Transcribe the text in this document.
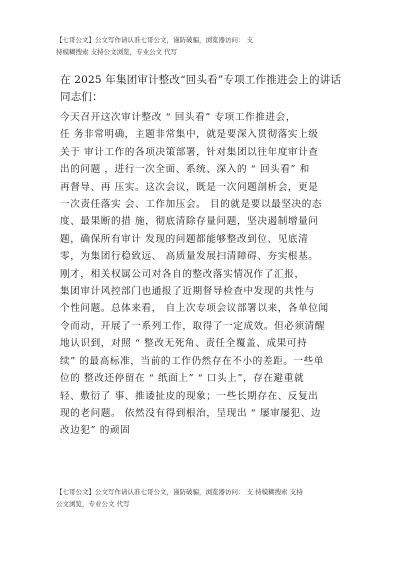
【七哥公文】公文写作请认准七哥公文，谨防破骗，浏览器访问： 支
持模糊搜索 支持公文浏览，专业公文 代写
在 2025 年集团审计整改“回头看”专项工作推进会上的讲话
同志们：
今天召开这次审计整改 “ 回头看” 专项工作推进会，
任 务非常明确，主题非常集中，就是要深入贯彻落实上级
关于 审计工作的各项决策部署，针对集团以往年度审计查
出的问题 ，进行一次全面、系统、深入的 “ 回头看” 和
再督导、再 压实。这次会议，既是一次问题剖析会，更是
一次责任落实 会、工作加压会。 目的就是要以最坚决的态
度、最果断的措 施，彻底清除存量问题，坚决遏制增量问
题，确保所有审计 发现的问题都能够整改到位、见底清
零，为集团行稳致远、 高质量发展扫清障碍、夯实根基。
刚才，相关权属公司对各自的整改落实情况作了汇报，
集团审计风控部门也通报了近期督导检查中发现的共性与
个性问题。总体来看， 自上次专项会议部署以来，各单位闻
令而动，开展了一系列工作，取得了一定成效。但必须清醒
地认识到，对照 “ 整改无死角、责任全覆盖、成果可持
续” 的最高标准，当前的工作仍然存在不小的差距。一些单
位的 整改还停留在 “ 纸面上” “ 口头上”，存在避重就
轻、敷衍了 事、推诿扯皮的现象；一些长期存在、反复出
现的老问题。 依然没有得到根治，呈现出 “ 屡审屡犯、边
改边犯” 的顽固
【七哥公文】公文写作请认准七哥公文，谨防破骗，浏览器访问： 支 持模糊搜索 支持
公文浏览，专业公文 代写
